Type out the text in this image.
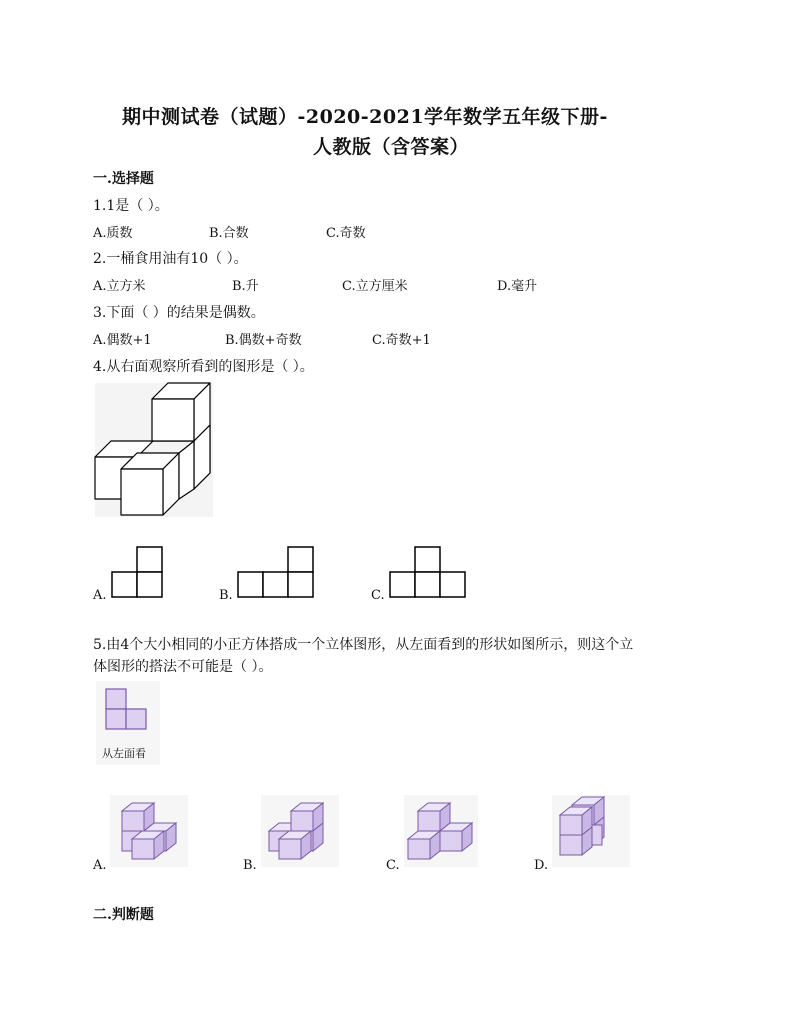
期中测试卷（试题）-2020-2021学年数学五年级下册-
人教版（含答案）
一.选择题
1.1是（ ）。
A.质数	B.合数	C.奇数
2.一桶食用油有10（ ）。
A.立方米	B.升	C.立方厘米	D.毫升
3.下面（ ）的结果是偶数。
A.偶数+1	B.偶数+奇数	C.奇数+1
4.从右面观察所看到的图形是（ ）。
A.	B.	C.
5.由4个大小相同的小正方体搭成一个立体图形，从左面看到的形状如图所示，则这个立
体图形的搭法不可能是（ ）。
从左面看
A.	B.	C.	D.
二.判断题
